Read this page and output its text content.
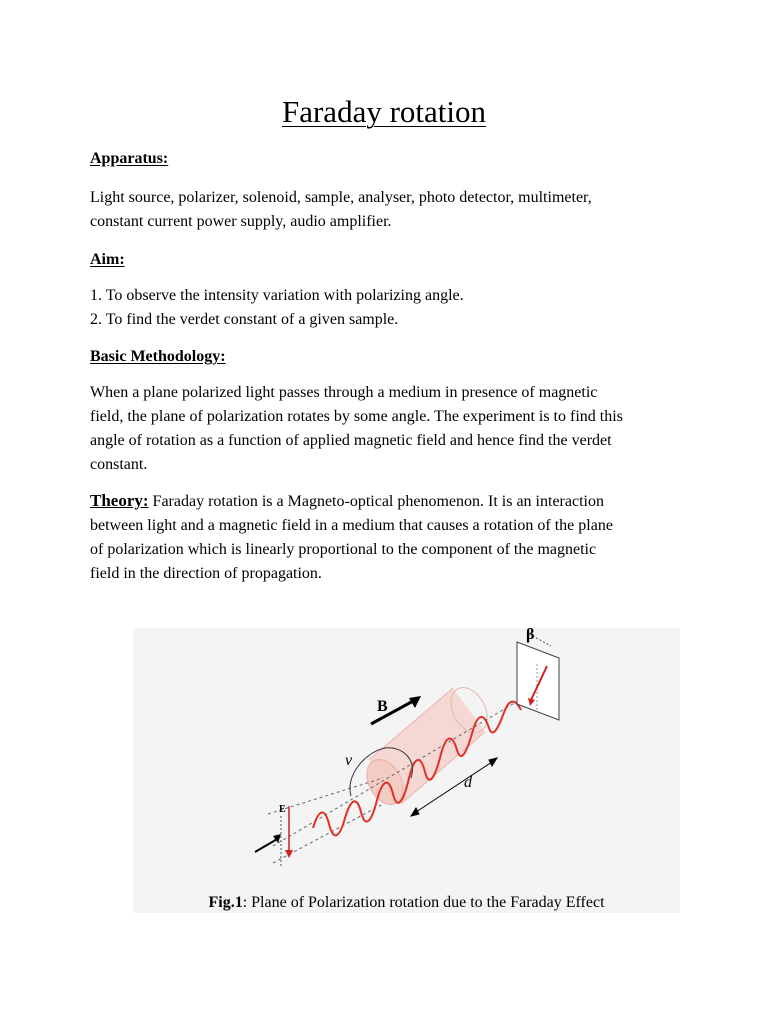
Faraday rotation
Apparatus:

Light source, polarizer, solenoid, sample, analyser, photo detector, multimeter,
constant current power supply, audio amplifier.

Aim:

1. To observe the intensity variation with polarizing angle.
2. To find the verdet constant of a given sample.

Basic Methodology:

When a plane polarized light passes through a medium in presence of magnetic
field, the plane of polarization rotates by some angle. The experiment is to find this
angle of rotation as a function of applied magnetic field and hence find the verdet
constant.

Theory: Faraday rotation is a Magneto-optical phenomenon. It is an interaction
between light and a magnetic field in a medium that causes a rotation of the plane
of polarization which is linearly proportional to the component of the magnetic
field in the direction of propagation.

β
B
ν
d
E
Fig.1: Plane of Polarization rotation due to the Faraday Effect
